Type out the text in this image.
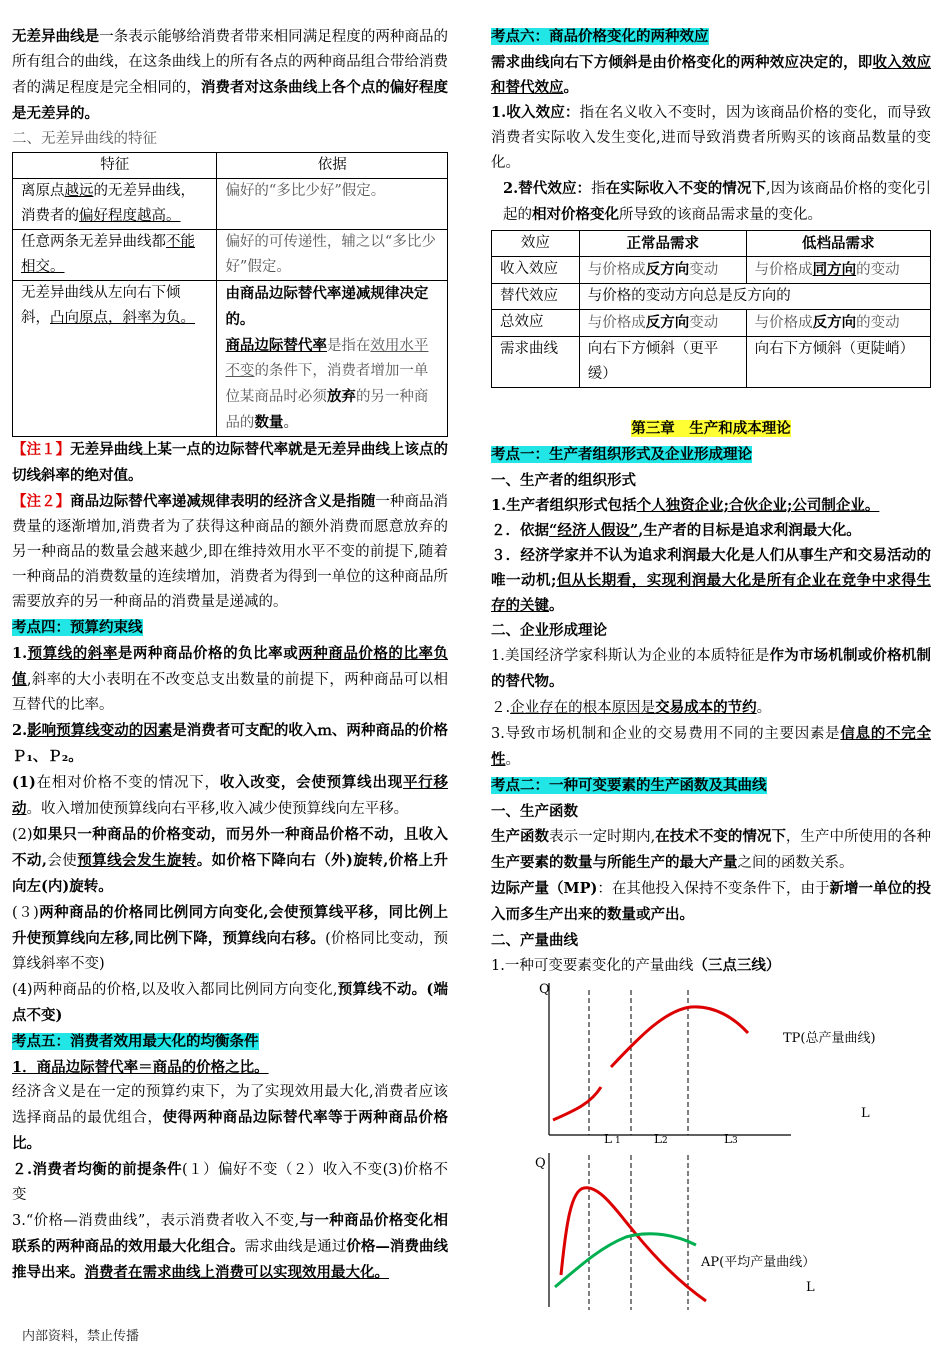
无差异曲线是一条表示能够给消费者带来相同满足程度的两种商品的所有组合的曲线，在这条曲线上的所有各点的两种商品组合带给消费者的满足程度是完全相同的，消费者对这条曲线上各个点的偏好程度是无差异的。

二、无差异曲线的特征

特征	依据
离原点越远的无差异曲线，消费者的偏好程度越高。	偏好的“多比少好”假定。
任意两条无差异曲线都不能相交。	偏好的可传递性，辅之以“多比少好”假定。
无差异曲线从左向右下倾斜，凸向原点，斜率为负。	由商品边际替代率递减规律决定的。
商品边际替代率是指在效用水平不变的条件下，消费者增加一单位某商品时必须放弃的另一种商品的数量。

【注１】无差异曲线上某一点的边际替代率就是无差异曲线上该点的切线斜率的绝对值。

【注２】商品边际替代率递减规律表明的经济含义是指随一种商品消费量的逐渐增加,消费者为了获得这种商品的额外消费而愿意放弃的另一种商品的数量会越来越少,即在维持效用水平不变的前提下,随着一种商品的消费数量的连续增加，消费者为得到一单位的这种商品所需要放弃的另一种商品的消费量是递减的。

考点四：预算约束线

1.预算线的斜率是两种商品价格的负比率或两种商品价格的比率负值,斜率的大小表明在不改变总支出数量的前提下，两种商品可以相互替代的比率。

2.影响预算线变动的因素是消费者可支配的收入ｍ、两种商品的价格Ｐ₁、Ｐ₂。

(1)在相对价格不变的情况下，收入改变，会使预算线出现平行移动。收入增加使预算线向右平移,收入减少使预算线向左平移。

(2)如果只一种商品的价格变动，而另外一种商品价格不动，且收入不动,会使预算线会发生旋转。如价格下降向右（外)旋转,价格上升向左(内)旋转。

(３)两种商品的价格同比例同方向变化,会使预算线平移，同比例上升使预算线向左移,同比例下降，预算线向右移。(价格同比变动，预算线斜率不变)

(4)两种商品的价格,以及收入都同比例同方向变化,预算线不动。(端点不变)

考点五：消费者效用最大化的均衡条件

1．商品边际替代率＝商品的价格之比。

经济含义是在一定的预算约束下，为了实现效用最大化,消费者应该选择商品的最优组合，使得两种商品边际替代率等于两种商品价格比。

２.消费者均衡的前提条件(１）偏好不变（２）收入不变(3)价格不变

3.“价格—消费曲线”，表示消费者收入不变,与一种商品价格变化相联系的两种商品的效用最大化组合。需求曲线是通过价格—消费曲线推导出来。消费者在需求曲线上消费可以实现效用最大化。

考点六：商品价格变化的两种效应

需求曲线向右下方倾斜是由价格变化的两种效应决定的，即收入效应和替代效应。

1.收入效应：指在名义收入不变时，因为该商品价格的变化，而导致消费者实际收入发生变化,进而导致消费者所购买的该商品数量的变化。

2.替代效应：指在实际收入不变的情况下,因为该商品价格的变化引起的相对价格变化所导致的该商品需求量的变化。

效应	正常品需求	低档品需求
收入效应	与价格成反方向变动	与价格成同方向的变动
替代效应	与价格的变动方向总是反方向的	
总效应	与价格成反方向变动	与价格成反方向的变动
需求曲线	向右下方倾斜（更平缓）	向右下方倾斜（更陡峭）

第三章　生产和成本理论

考点一：生产者组织形式及企业形成理论

一、生产者的组织形式

1.生产者组织形式包括个人独资企业;合伙企业;公司制企业。

２．依据“经济人假设”,生产者的目标是追求利润最大化。

３．经济学家并不认为追求利润最大化是人们从事生产和交易活动的唯一动机;但从长期看，实现利润最大化是所有企业在竞争中求得生存的关键。

二、企业形成理论

1.美国经济学家科斯认为企业的本质特征是作为市场机制或价格机制的替代物。

２.企业存在的根本原因是交易成本的节约。

3.导致市场机制和企业的交易费用不同的主要因素是信息的不完全性。

考点二：一种可变要素的生产函数及其曲线

一、生产函数

生产函数表示一定时期内,在技术不变的情况下，生产中所使用的各种生产要素的数量与所能生产的最大产量之间的函数关系。

边际产量（MP)：在其他投入保持不变条件下，由于新增一单位的投入而多生产出来的数量或产出。

二、产量曲线

1.一种可变要素变化的产量曲线（三点三线）

Q
TP(总产量曲线)
L
L 1	L2	L3
Q
AP(平均产量曲线）
L
内部资料，禁止传播
